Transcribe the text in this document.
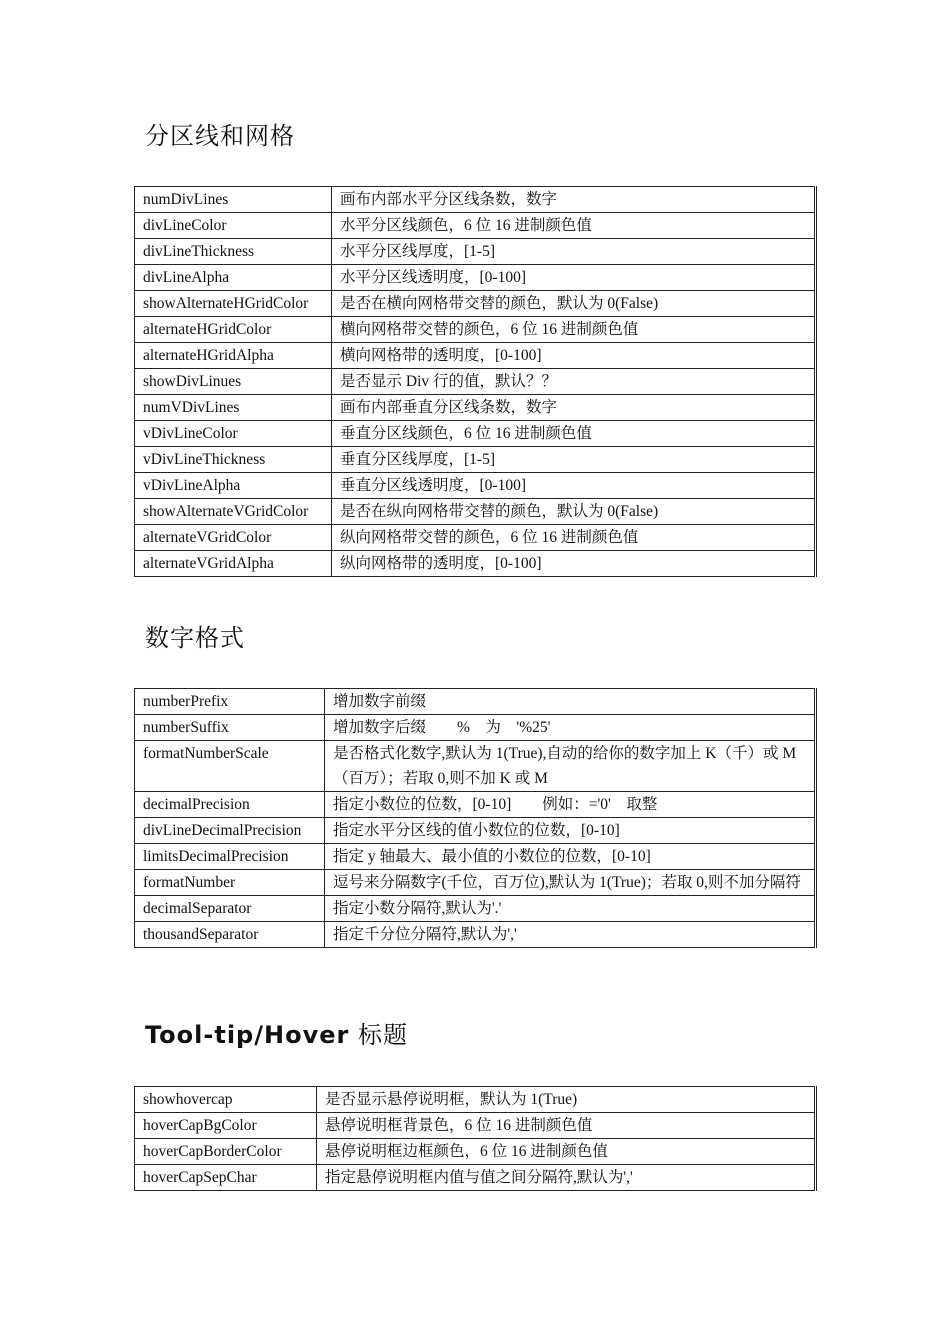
分区线和网格
numDivLines	画布内部水平分区线条数，数字
divLineColor	水平分区线颜色，6 位 16 进制颜色值
divLineThickness	水平分区线厚度，[1-5]
divLineAlpha	水平分区线透明度，[0-100]
showAlternateHGridColor	是否在横向网格带交替的颜色，默认为 0(False)
alternateHGridColor	横向网格带交替的颜色，6 位 16 进制颜色值
alternateHGridAlpha	横向网格带的透明度，[0-100]
showDivLinues	是否显示 Div 行的值，默认？？
numVDivLines	画布内部垂直分区线条数，数字
vDivLineColor	垂直分区线颜色，6 位 16 进制颜色值
vDivLineThickness	垂直分区线厚度，[1-5]
vDivLineAlpha	垂直分区线透明度，[0-100]
showAlternateVGridColor	是否在纵向网格带交替的颜色，默认为 0(False)
alternateVGridColor	纵向网格带交替的颜色，6 位 16 进制颜色值
alternateVGridAlpha	纵向网格带的透明度，[0-100]
数字格式
numberPrefix	增加数字前缀
numberSuffix	增加数字后缀　　%　为　'%25'
formatNumberScale	是否格式化数字,默认为 1(True),自动的给你的数字加上 K（千）或 M（百万）；若取 0,则不加 K 或 M
decimalPrecision	指定小数位的位数，[0-10]　　例如：='0'　取整
divLineDecimalPrecision	指定水平分区线的值小数位的位数，[0-10]
limitsDecimalPrecision	指定 y 轴最大、最小值的小数位的位数，[0-10]
formatNumber	逗号来分隔数字(千位，百万位),默认为 1(True)；若取 0,则不加分隔符
decimalSeparator	指定小数分隔符,默认为'.'
thousandSeparator	指定千分位分隔符,默认为','
Tool-tip/Hover 标题
showhovercap	是否显示悬停说明框，默认为 1(True)
hoverCapBgColor	悬停说明框背景色，6 位 16 进制颜色值
hoverCapBorderColor	悬停说明框边框颜色，6 位 16 进制颜色值
hoverCapSepChar	指定悬停说明框内值与值之间分隔符,默认为','
